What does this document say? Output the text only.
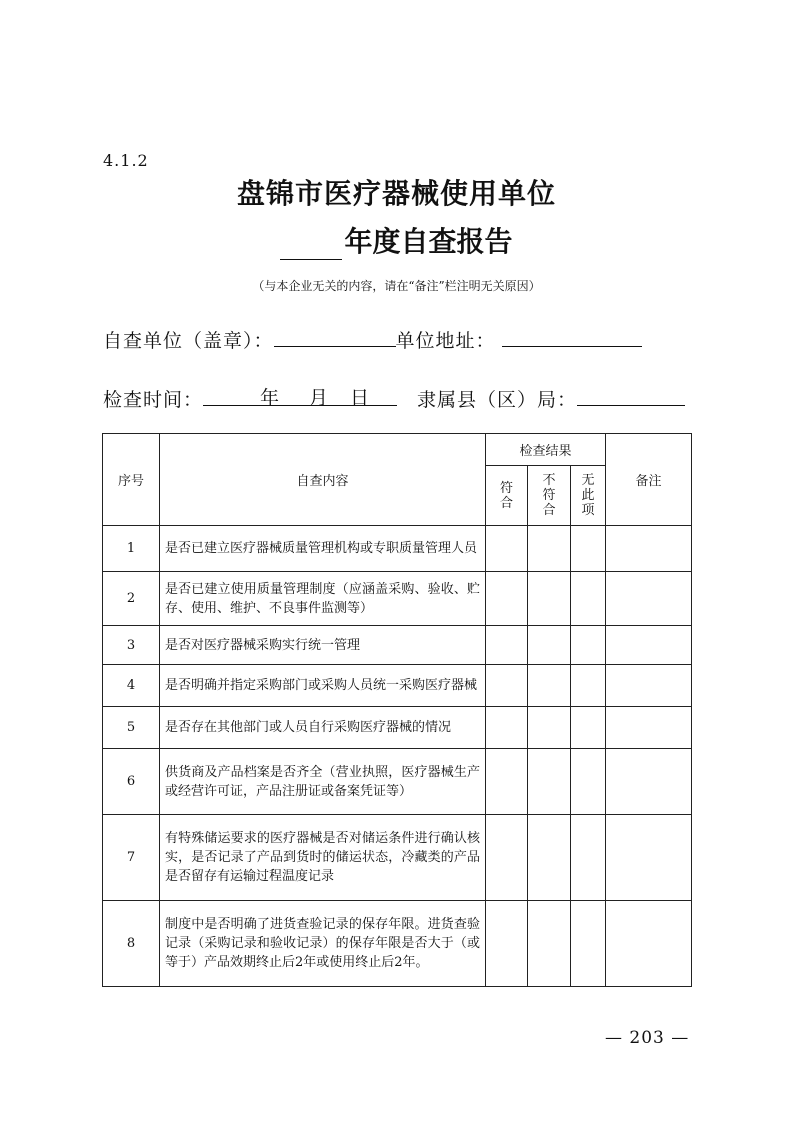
4.1.2
盘锦市医疗器械使用单位
年度自查报告
（与本企业无关的内容，请在“备注”栏注明无关原因）
自查单位（盖章）：	单位地址：
检查时间：	年 月 日 隶属县（区）局：
序号	自查内容	检查结果			备注
		符合	不符合	无此项	
1	是否已建立医疗器械质量管理机构或专职质量管理人员				
2	是否已建立使用质量管理制度（应涵盖采购、验收、贮存、使用、维护、不良事件监测等）				
3	是否对医疗器械采购实行统一管理				
4	是否明确并指定采购部门或采购人员统一采购医疗器械				
5	是否存在其他部门或人员自行采购医疗器械的情况				
6	供货商及产品档案是否齐全（营业执照，医疗器械生产或经营许可证，产品注册证或备案凭证等）				
7	有特殊储运要求的医疗器械是否对储运条件进行确认核实，是否记录了产品到货时的储运状态，冷藏类的产品是否留存有运输过程温度记录				
8	制度中是否明确了进货查验记录的保存年限。进货查验记录（采购记录和验收记录）的保存年限是否大于（或等于）产品效期终止后2年或使用终止后2年。				
— 203 —
